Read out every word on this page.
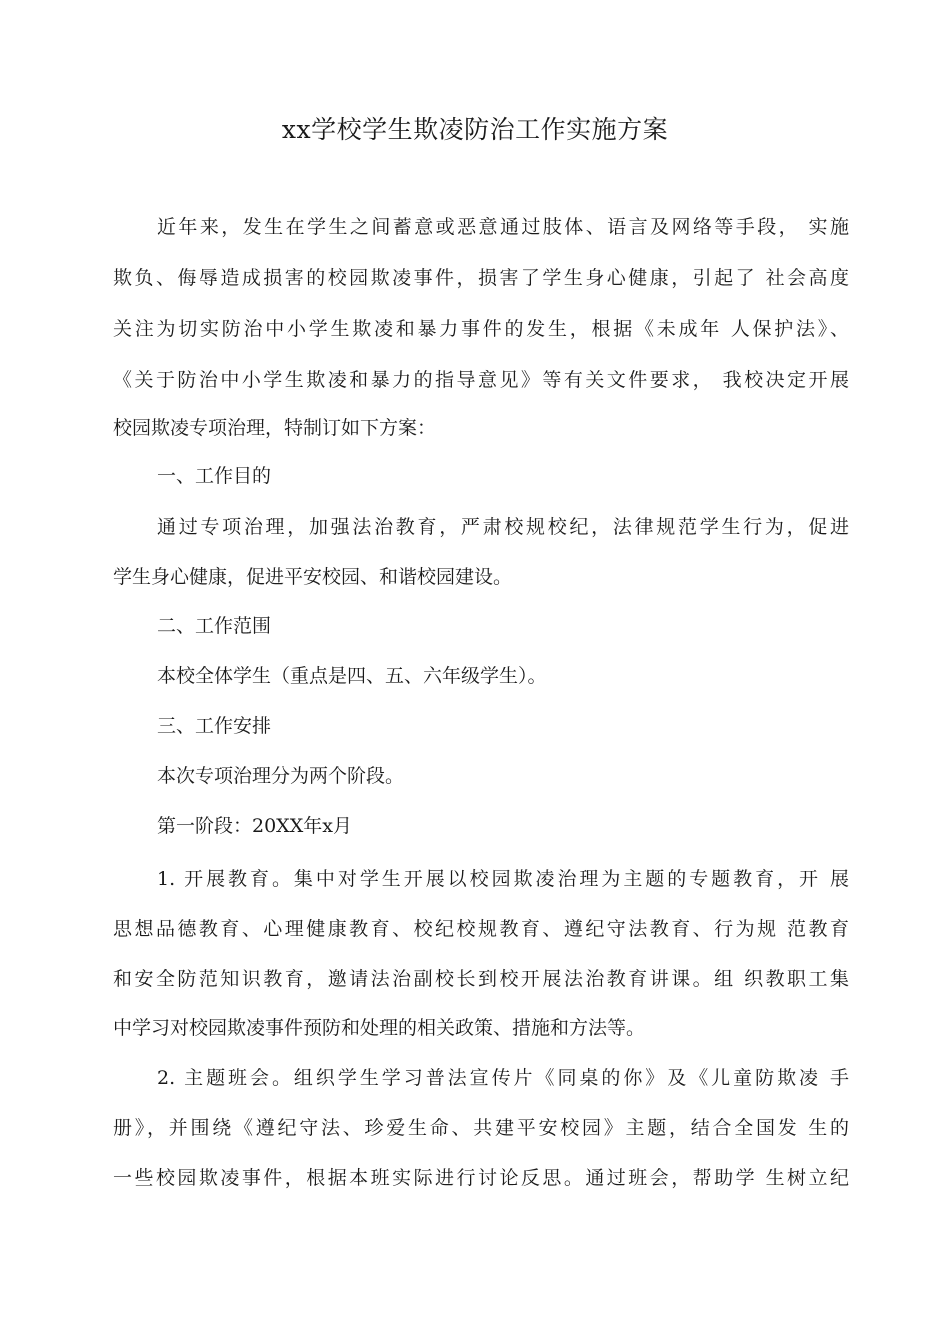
xx学校学生欺凌防治工作实施方案
近年来，发生在学生之间蓄意或恶意通过肢体、语言及网络等手段， 实施
欺负、侮辱造成损害的校园欺凌事件，损害了学生身心健康，引起了 社会高度
关注为切实防治中小学生欺凌和暴力事件的发生，根据《未成年 人保护法》、
《关于防治中小学生欺凌和暴力的指导意见》等有关文件要求， 我校决定开展
校园欺凌专项治理，特制订如下方案：
一、工作目的
通过专项治理，加强法治教育，严肃校规校纪，法律规范学生行为，促进
学生身心健康，促进平安校园、和谐校园建设。
二、工作范围
本校全体学生（重点是四、五、六年级学生）。
三、工作安排
本次专项治理分为两个阶段。
第一阶段：20XX年x月
1. 开展教育。集中对学生开展以校园欺凌治理为主题的专题教育，开 展
思想品德教育、心理健康教育、校纪校规教育、遵纪守法教育、行为规 范教育
和安全防范知识教育，邀请法治副校长到校开展法治教育讲课。组 织教职工集
中学习对校园欺凌事件预防和处理的相关政策、措施和方法等。
2. 主题班会。组织学生学习普法宣传片《同桌的你》及《儿童防欺凌 手
册》，并围绕《遵纪守法、珍爱生命、共建平安校园》主题，结合全国发 生的
一些校园欺凌事件，根据本班实际进行讨论反思。通过班会，帮助学 生树立纪
